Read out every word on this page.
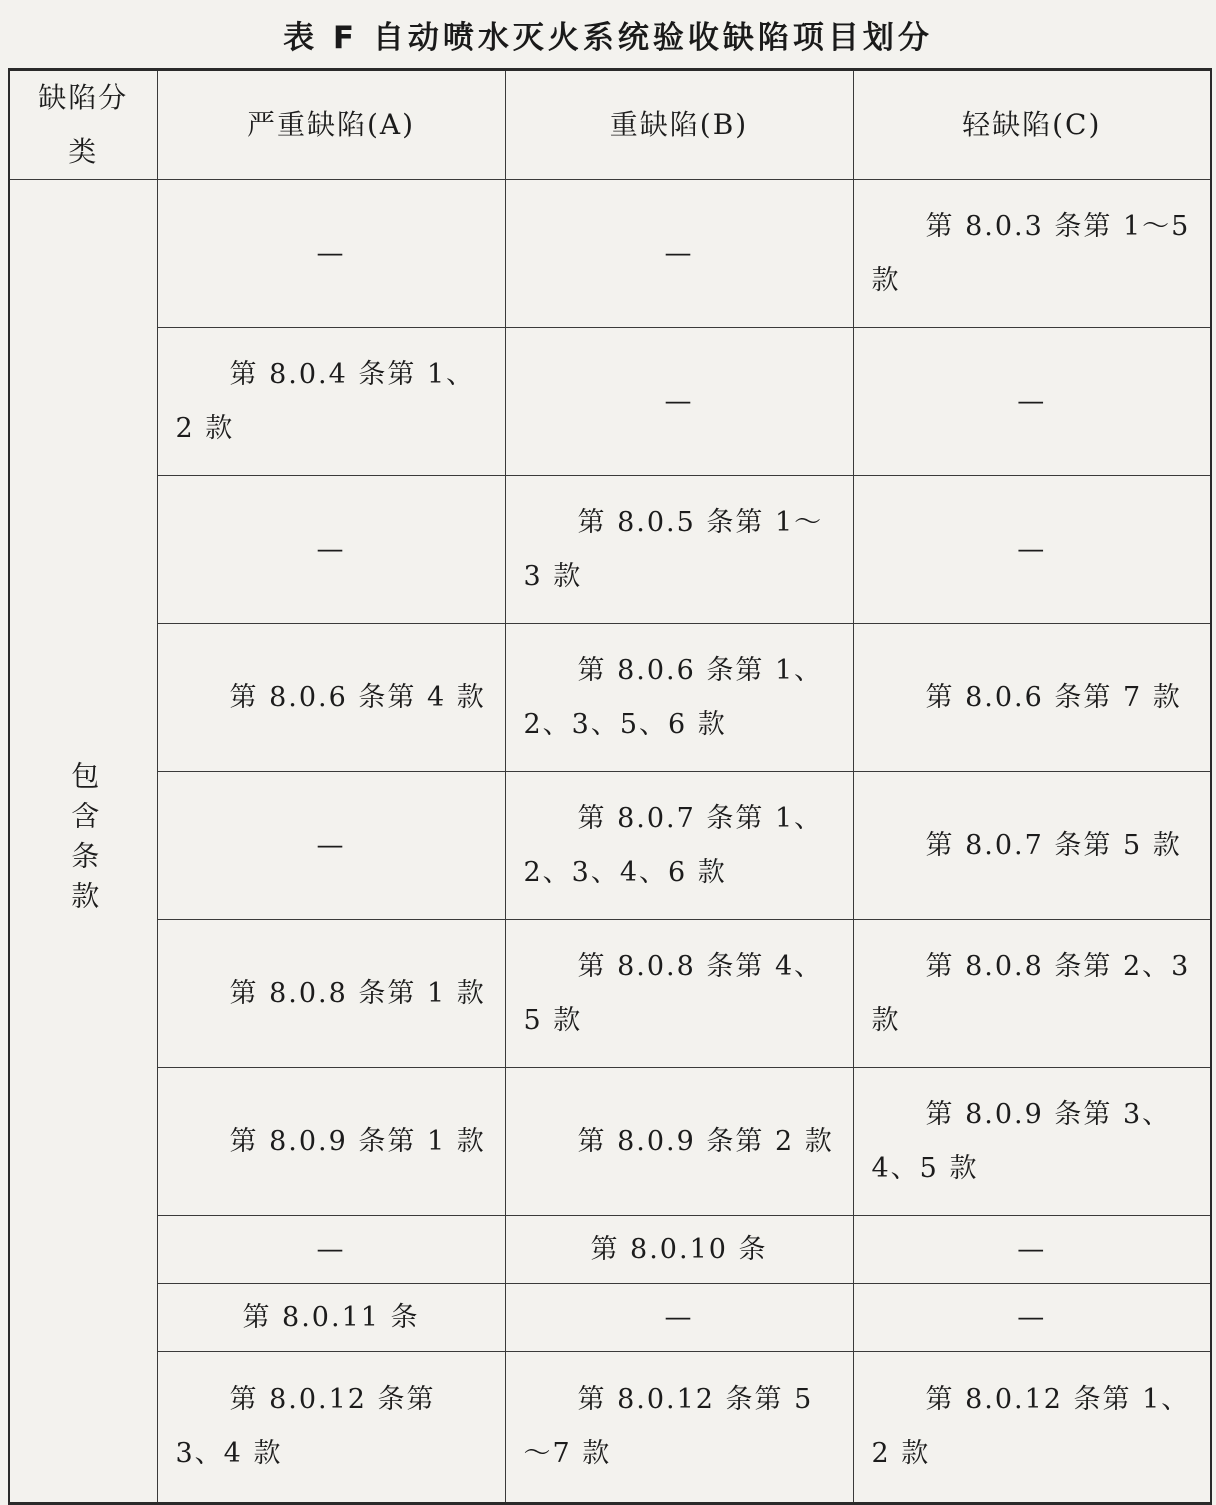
表 F 自动喷水灭火系统验收缺陷项目划分
缺陷分类	严重缺陷(A)	重缺陷(B)	轻缺陷(C)

包含条款	—	—	第 8.0.3 条第 1～5 款
	第 8.0.4 条第 1、2 款	—	—
	—	第 8.0.5 条第 1～3 款	—
	第 8.0.6 条第 4 款	第 8.0.6 条第 1、2、3、5、6 款	第 8.0.6 条第 7 款
	—	第 8.0.7 条第 1、2、3、4、6 款	第 8.0.7 条第 5 款
	第 8.0.8 条第 1 款	第 8.0.8 条第 4、5 款	第 8.0.8 条第 2、3 款
	第 8.0.9 条第 1 款	第 8.0.9 条第 2 款	第 8.0.9 条第 3、4、5 款
	—	第 8.0.10 条	—
	第 8.0.11 条	—	—
	第 8.0.12 条第 3、4 款	第 8.0.12 条第 5～7 款	第 8.0.12 条第 1、2 款
